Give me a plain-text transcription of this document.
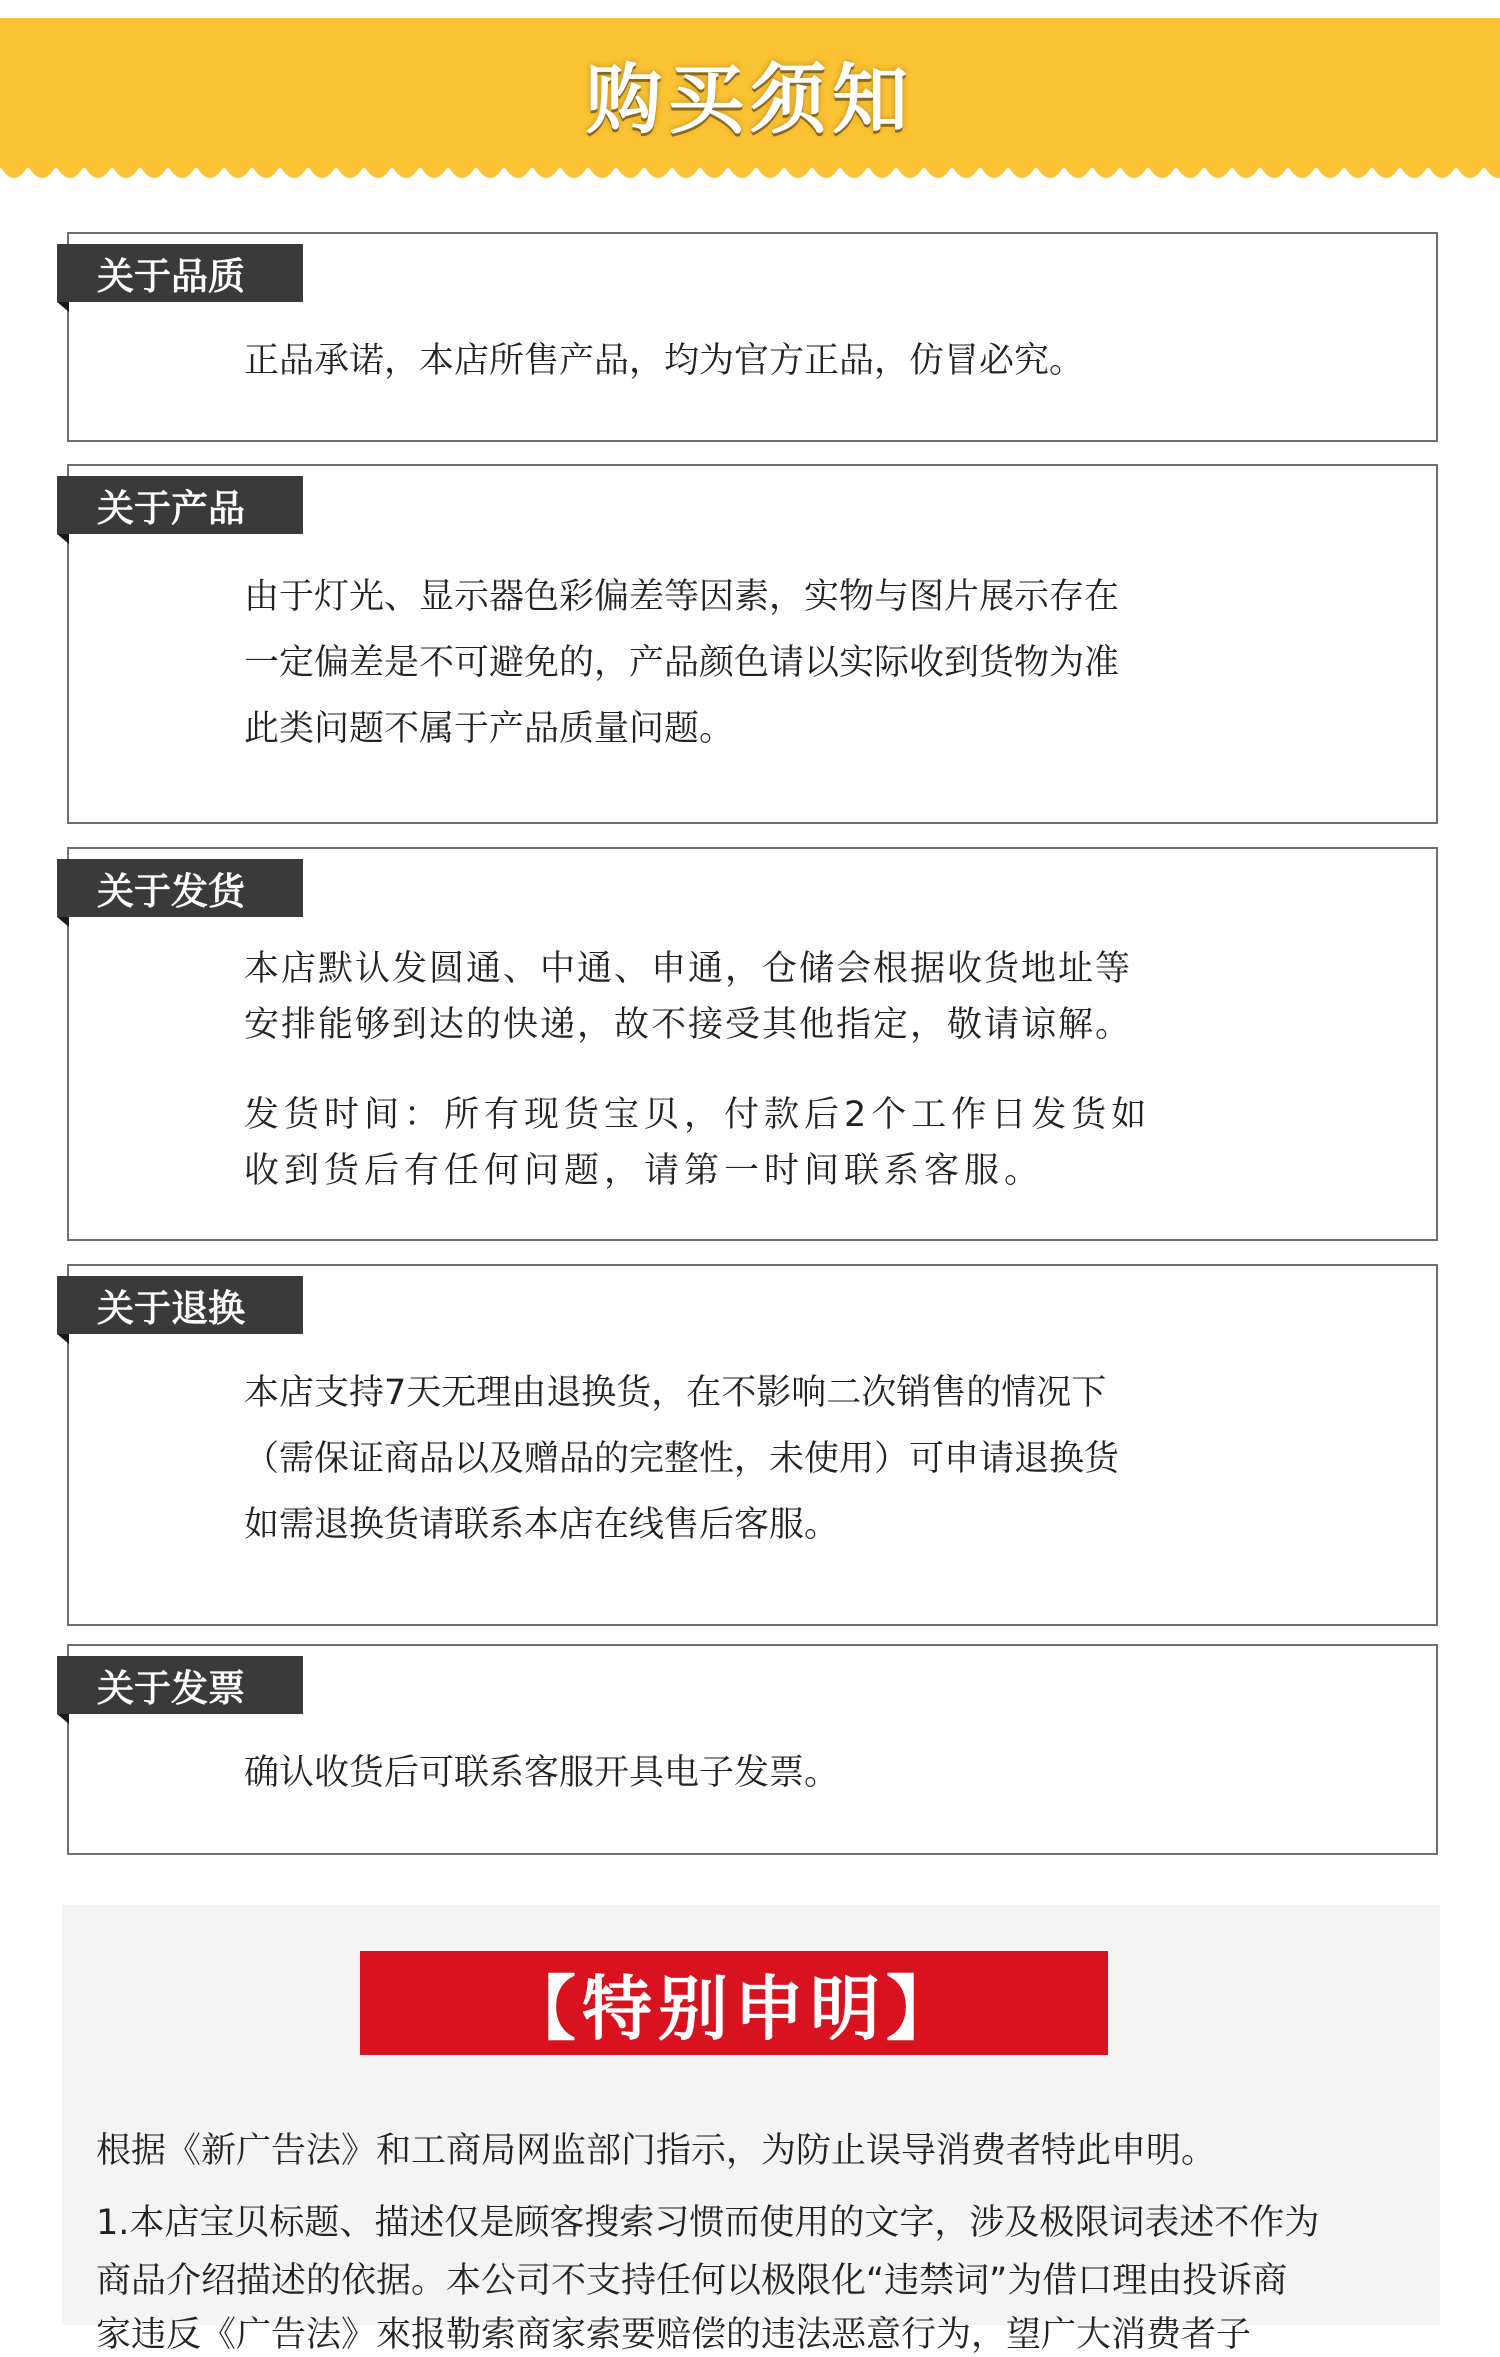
购买须知
关于品质
正品承诺，本店所售产品，均为官方正品，仿冒必究。
关于产品
由于灯光、显示器色彩偏差等因素，实物与图片展示存在
一定偏差是不可避免的，产品颜色请以实际收到货物为准
此类问题不属于产品质量问题。
关于发货
本店默认发圆通、中通、申通，仓储会根据收货地址等
安排能够到达的快递，故不接受其他指定，敬请谅解。
发货时间：所有现货宝贝，付款后2个工作日发货如
收到货后有任何问题，请第一时间联系客服。
关于退换
本店支持7天无理由退换货，在不影响二次销售的情况下
（需保证商品以及赠品的完整性，未使用）可申请退换货
如需退换货请联系本店在线售后客服。
关于发票
确认收货后可联系客服开具电子发票。
【特别申明】
根据《新广告法》和工商局网监部门指示，为防止误导消费者特此申明。
1.本店宝贝标题、描述仅是顾客搜索习惯而使用的文字，涉及极限词表述不作为
商品介绍描述的依据。本公司不支持任何以极限化“违禁词”为借口理由投诉商
家违反《广告法》來报勒索商家索要赔偿的违法恶意行为，望广大消费者子
